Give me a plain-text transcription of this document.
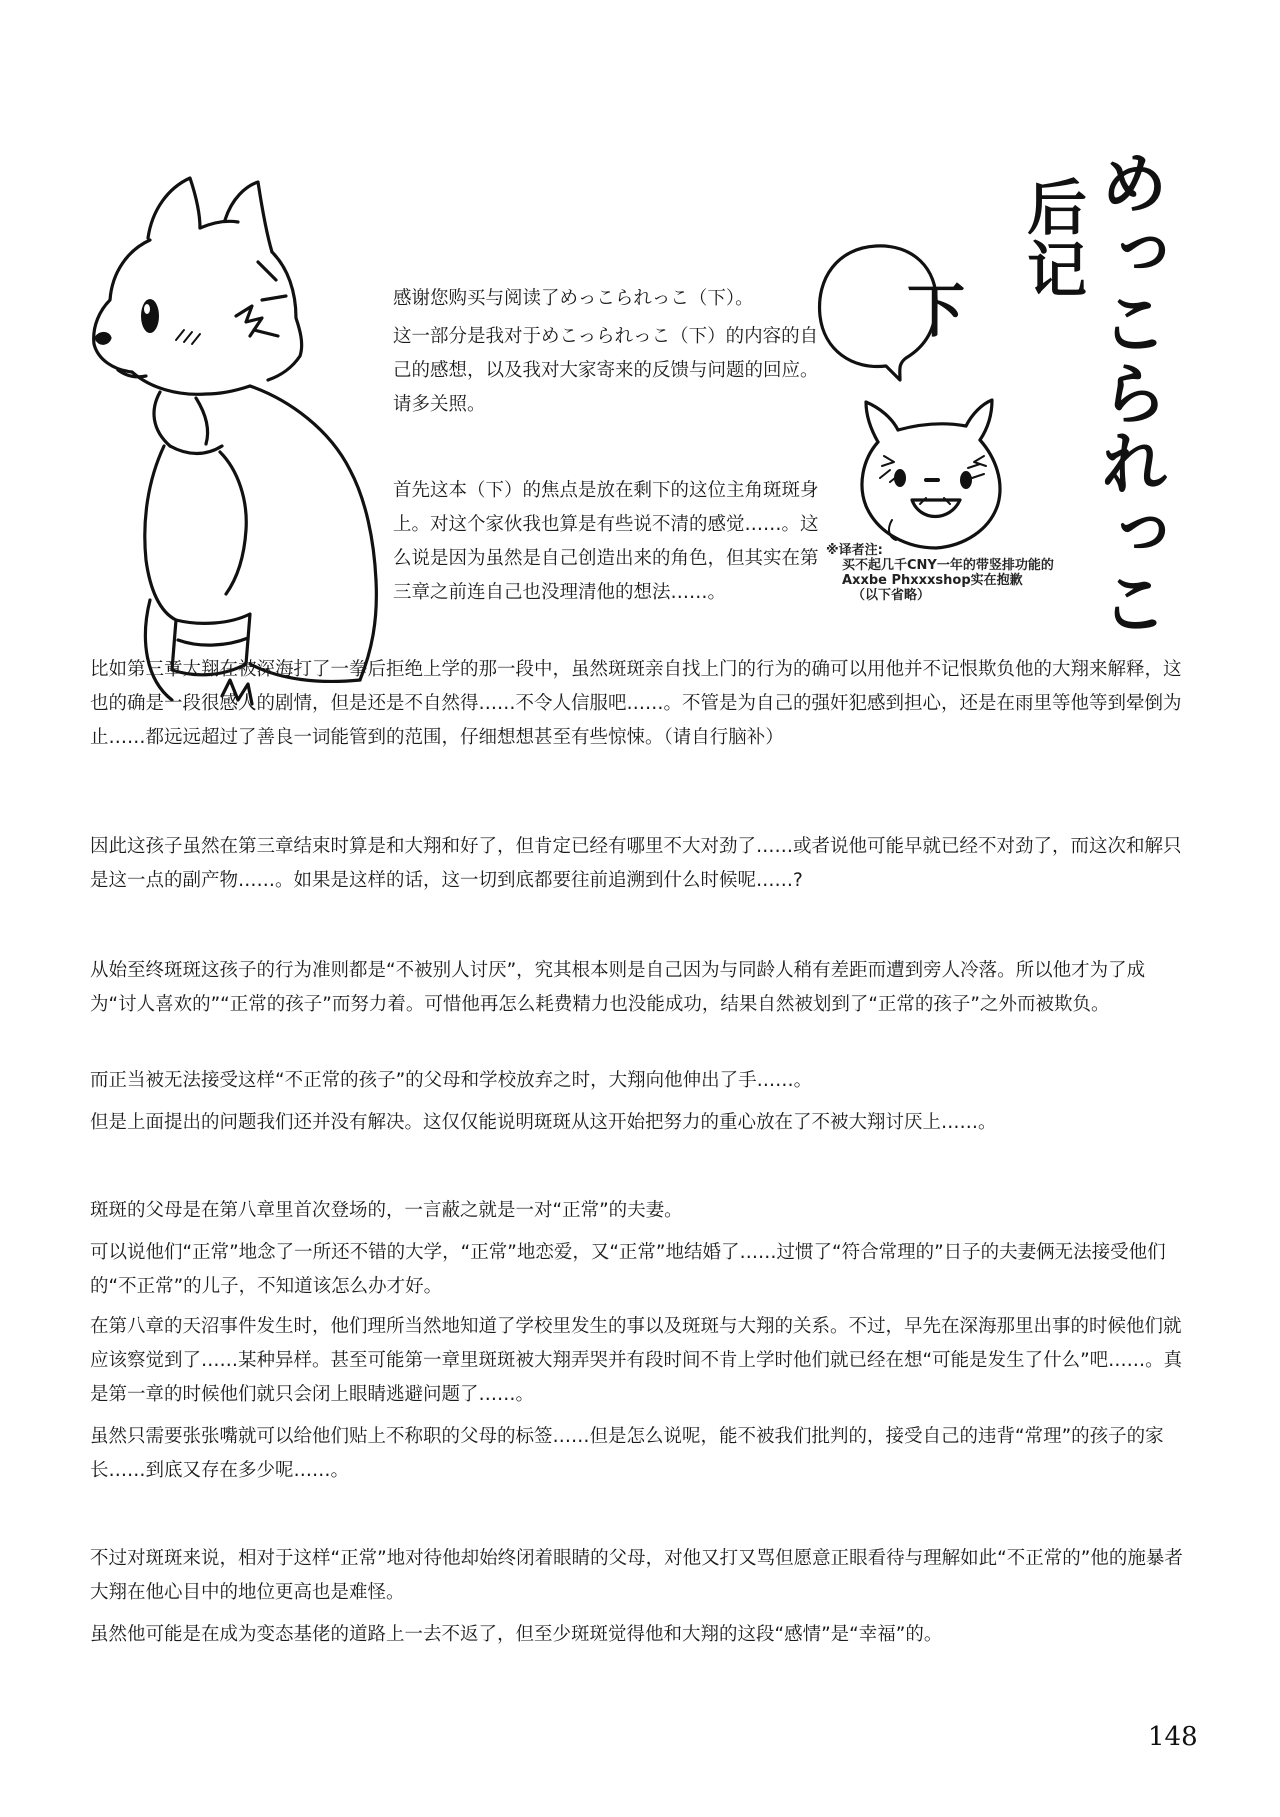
めっこられっこ
后记
下
※译者注:
买不起几千CNY一年的带竖排功能的
Axxbe Phxxxshop实在抱歉
（以下省略）

感谢您购买与阅读了めっこられっこ（下）。

这一部分是我对于めこっられっこ（下）的内容的自己的感想，以及我对大家寄来的反馈与问题的回应。请多关照。

首先这本（下）的焦点是放在剩下的这位主角斑斑身上。对这个家伙我也算是有些说不清的感觉……。这么说是因为虽然是自己创造出来的角色，但其实在第三章之前连自己也没理清他的想法……。

比如第三章大翔在被深海打了一拳后拒绝上学的那一段中，虽然斑斑亲自找上门的行为的确可以用他并不记恨欺负他的大翔来解释，这也的确是一段很感人的剧情，但是还是不自然得……不令人信服吧……。不管是为自己的强奸犯感到担心，还是在雨里等他等到晕倒为止……都远远超过了善良一词能管到的范围，仔细想想甚至有些惊悚。（请自行脑补）

因此这孩子虽然在第三章结束时算是和大翔和好了，但肯定已经有哪里不大对劲了……或者说他可能早就已经不对劲了，而这次和解只是这一点的副产物……。如果是这样的话，这一切到底都要往前追溯到什么时候呢……?

从始至终斑斑这孩子的行为准则都是“不被别人讨厌”，究其根本则是自己因为与同龄人稍有差距而遭到旁人冷落。所以他才为了成为“讨人喜欢的”“正常的孩子”而努力着。可惜他再怎么耗费精力也没能成功，结果自然被划到了“正常的孩子”之外而被欺负。

而正当被无法接受这样“不正常的孩子”的父母和学校放弃之时，大翔向他伸出了手……。

但是上面提出的问题我们还并没有解决。这仅仅能说明斑斑从这开始把努力的重心放在了不被大翔讨厌上……。

斑斑的父母是在第八章里首次登场的，一言蔽之就是一对“正常”的夫妻。

可以说他们“正常”地念了一所还不错的大学，“正常”地恋爱，又“正常”地结婚了……过惯了“符合常理的”日子的夫妻俩无法接受他们的“不正常”的儿子，不知道该怎么办才好。

在第八章的天沼事件发生时，他们理所当然地知道了学校里发生的事以及斑斑与大翔的关系。不过，早先在深海那里出事的时候他们就应该察觉到了……某种异样。甚至可能第一章里斑斑被大翔弄哭并有段时间不肯上学时他们就已经在想“可能是发生了什么”吧……。真是第一章的时候他们就只会闭上眼睛逃避问题了……。

虽然只需要张张嘴就可以给他们贴上不称职的父母的标签……但是怎么说呢，能不被我们批判的，接受自己的违背“常理”的孩子的家长……到底又存在多少呢……。

不过对斑斑来说，相对于这样“正常”地对待他却始终闭着眼睛的父母，对他又打又骂但愿意正眼看待与理解如此“不正常的”他的施暴者大翔在他心目中的地位更高也是难怪。

虽然他可能是在成为变态基佬的道路上一去不返了，但至少斑斑觉得他和大翔的这段“感情”是“幸福”的。

148
